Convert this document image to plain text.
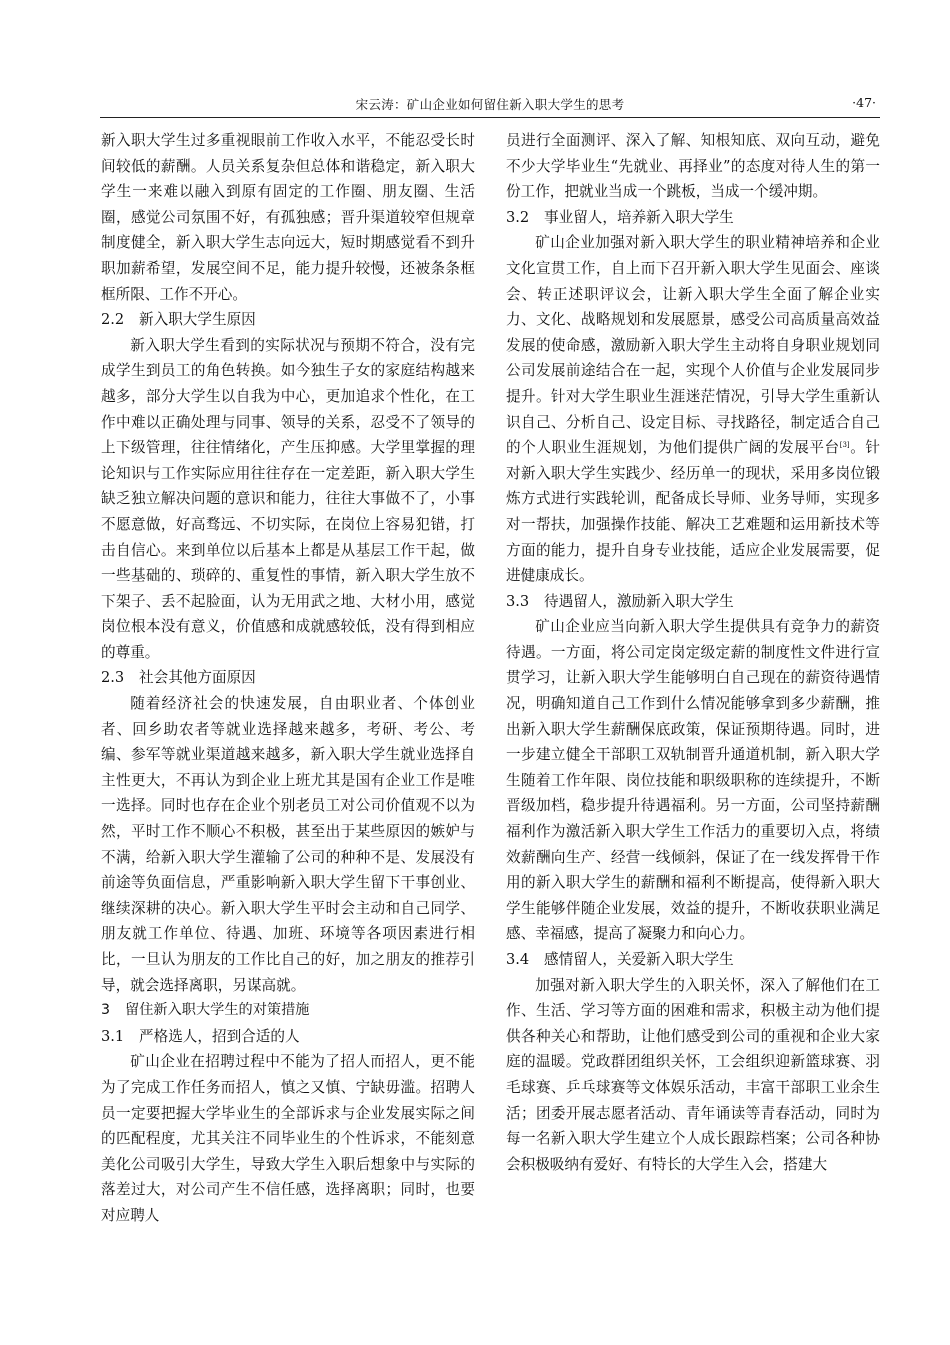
宋云涛：矿山企业如何留住新入职大学生的思考	·47·

新入职大学生过多重视眼前工作收入水平，不能忍受长时间较低的薪酬。人员关系复杂但总体和谐稳定，新入职大学生一来难以融入到原有固定的工作圈、朋友圈、生活圈，感觉公司氛围不好，有孤独感；晋升渠道较窄但规章制度健全，新入职大学生志向远大，短时期感觉看不到升职加薪希望，发展空间不足，能力提升较慢，还被条条框框所限、工作不开心。

2.2 新入职大学生原因

新入职大学生看到的实际状况与预期不符合，没有完成学生到员工的角色转换。如今独生子女的家庭结构越来越多，部分大学生以自我为中心，更加追求个性化，在工作中难以正确处理与同事、领导的关系，忍受不了领导的上下级管理，往往情绪化，产生压抑感。大学里掌握的理论知识与工作实际应用往往存在一定差距，新入职大学生缺乏独立解决问题的意识和能力，往往大事做不了，小事不愿意做，好高骛远、不切实际，在岗位上容易犯错，打击自信心。来到单位以后基本上都是从基层工作干起，做一些基础的、琐碎的、重复性的事情，新入职大学生放不下架子、丢不起脸面，认为无用武之地、大材小用，感觉岗位根本没有意义，价值感和成就感较低，没有得到相应的尊重。

2.3 社会其他方面原因

随着经济社会的快速发展，自由职业者、个体创业者、回乡助农者等就业选择越来越多，考研、考公、考编、参军等就业渠道越来越多，新入职大学生就业选择自主性更大，不再认为到企业上班尤其是国有企业工作是唯一选择。同时也存在企业个别老员工对公司价值观不以为然，平时工作不顺心不积极，甚至出于某些原因的嫉妒与不满，给新入职大学生灌输了公司的种种不是、发展没有前途等负面信息，严重影响新入职大学生留下干事创业、继续深耕的决心。新入职大学生平时会主动和自己同学、朋友就工作单位、待遇、加班、环境等各项因素进行相比，一旦认为朋友的工作比自己的好，加之朋友的推荐引导，就会选择离职，另谋高就。

3 留住新入职大学生的对策措施

3.1 严格选人，招到合适的人

矿山企业在招聘过程中不能为了招人而招人，更不能为了完成工作任务而招人，慎之又慎、宁缺毋滥。招聘人员一定要把握大学毕业生的全部诉求与企业发展实际之间的匹配程度，尤其关注不同毕业生的个性诉求，不能刻意美化公司吸引大学生，导致大学生入职后想象中与实际的落差过大，对公司产生不信任感，选择离职；同时，也要对应聘人

员进行全面测评、深入了解、知根知底、双向互动，避免不少大学毕业生“先就业、再择业”的态度对待人生的第一份工作，把就业当成一个跳板，当成一个缓冲期。

3.2 事业留人，培养新入职大学生

矿山企业加强对新入职大学生的职业精神培养和企业文化宣贯工作，自上而下召开新入职大学生见面会、座谈会、转正述职评议会，让新入职大学生全面了解企业实力、文化、战略规划和发展愿景，感受公司高质量高效益发展的使命感，激励新入职大学生主动将自身职业规划同公司发展前途结合在一起，实现个人价值与企业发展同步提升。针对大学生职业生涯迷茫情况，引导大学生重新认识自己、分析自己、设定目标、寻找路径，制定适合自己的个人职业生涯规划，为他们提供广阔的发展平台[3]。针对新入职大学生实践少、经历单一的现状，采用多岗位锻炼方式进行实践轮训，配备成长导师、业务导师，实现多对一帮扶，加强操作技能、解决工艺难题和运用新技术等方面的能力，提升自身专业技能，适应企业发展需要，促进健康成长。

3.3 待遇留人，激励新入职大学生

矿山企业应当向新入职大学生提供具有竞争力的薪资待遇。一方面，将公司定岗定级定薪的制度性文件进行宣贯学习，让新入职大学生能够明白自己现在的薪资待遇情况，明确知道自己工作到什么情况能够拿到多少薪酬，推出新入职大学生薪酬保底政策，保证预期待遇。同时，进一步建立健全干部职工双轨制晋升通道机制，新入职大学生随着工作年限、岗位技能和职级职称的连续提升，不断晋级加档，稳步提升待遇福利。另一方面，公司坚持薪酬福利作为激活新入职大学生工作活力的重要切入点，将绩效薪酬向生产、经营一线倾斜，保证了在一线发挥骨干作用的新入职大学生的薪酬和福利不断提高，使得新入职大学生能够伴随企业发展，效益的提升，不断收获职业满足感、幸福感，提高了凝聚力和向心力。

3.4 感情留人，关爱新入职大学生

加强对新入职大学生的入职关怀，深入了解他们在工作、生活、学习等方面的困难和需求，积极主动为他们提供各种关心和帮助，让他们感受到公司的重视和企业大家庭的温暖。党政群团组织关怀，工会组织迎新篮球赛、羽毛球赛、乒乓球赛等文体娱乐活动，丰富干部职工业余生活；团委开展志愿者活动、青年诵读等青春活动，同时为每一名新入职大学生建立个人成长跟踪档案；公司各种协会积极吸纳有爱好、有特长的大学生入会，搭建大
